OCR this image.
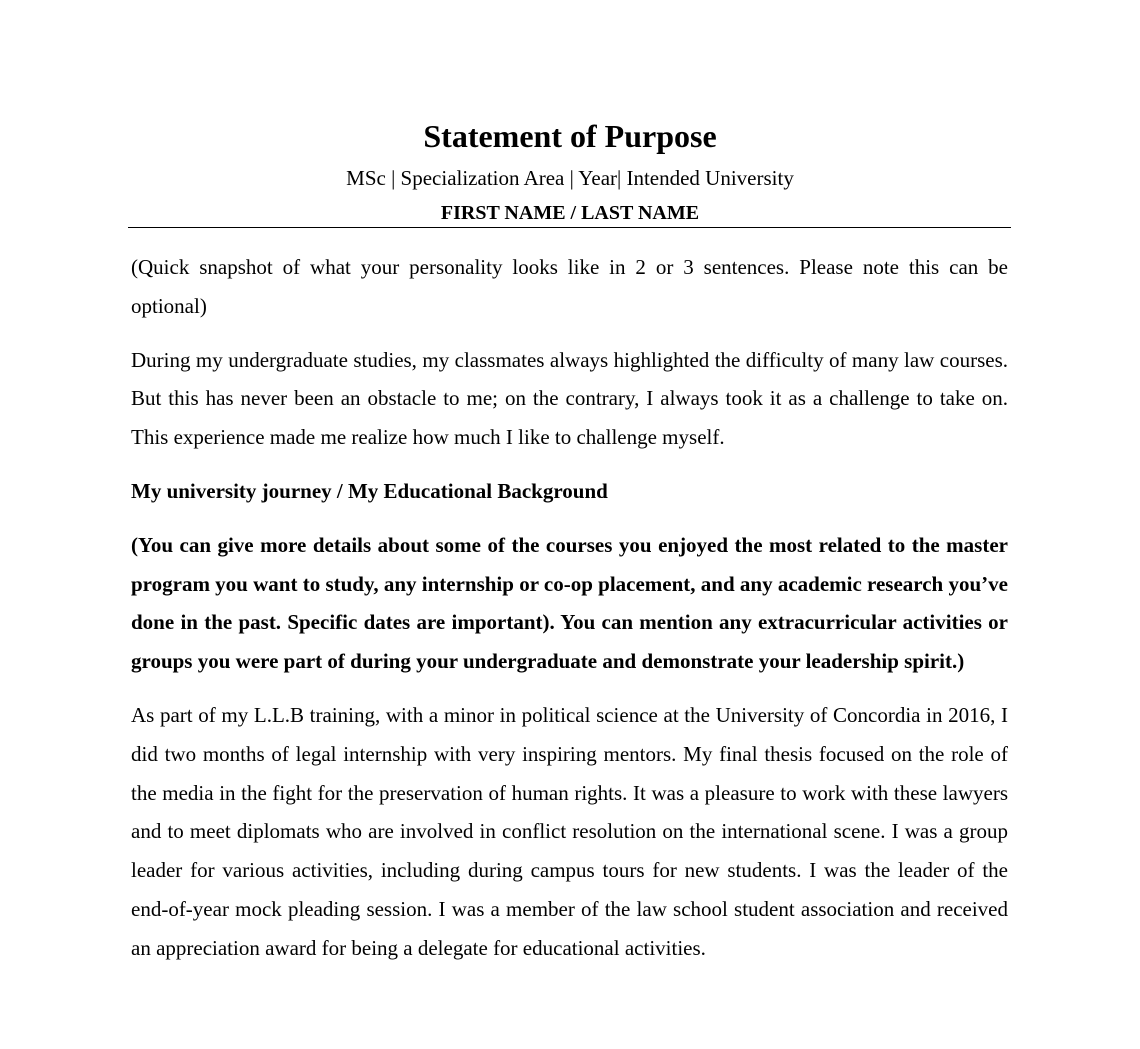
Statement of Purpose

MSc | Specialization Area | Year| Intended University

FIRST NAME / LAST NAME

(Quick snapshot of what your personality looks like in 2 or 3 sentences. Please note this can be optional)

During my undergraduate studies, my classmates always highlighted the difficulty of many law courses. But this has never been an obstacle to me; on the contrary, I always took it as a challenge to take on. This experience made me realize how much I like to challenge myself.

My university journey / My Educational Background

(You can give more details about some of the courses you enjoyed the most related to the master program you want to study, any internship or co-op placement, and any academic research you’ve done in the past. Specific dates are important). You can mention any extracurricular activities or groups you were part of during your undergraduate and demonstrate your leadership spirit.)

As part of my L.L.B training, with a minor in political science at the University of Concordia in 2016, I did two months of legal internship with very inspiring mentors. My final thesis focused on the role of the media in the fight for the preservation of human rights. It was a pleasure to work with these lawyers and to meet diplomats who are involved in conflict resolution on the international scene. I was a group leader for various activities, including during campus tours for new students. I was the leader of the end-of-year mock pleading session. I was a member of the law school student association and received an appreciation award for being a delegate for educational activities.
